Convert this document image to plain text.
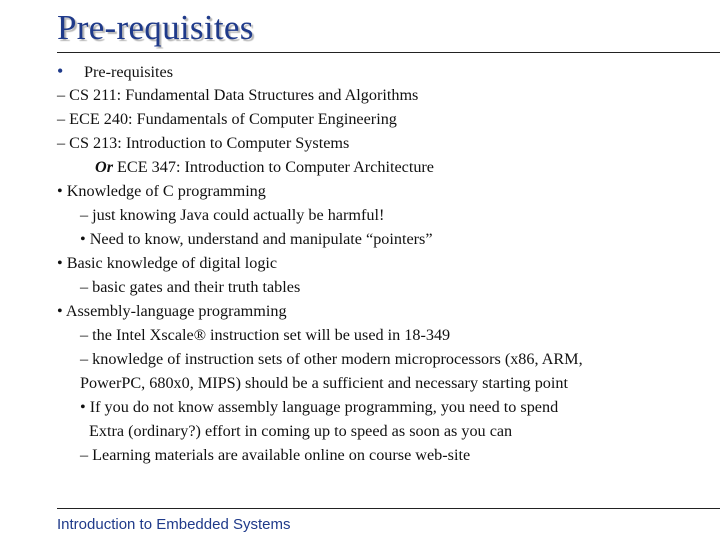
Pre-requisites
• Pre-requisites
– CS 211: Fundamental Data Structures and Algorithms
– ECE 240: Fundamentals of Computer Engineering
– CS 213: Introduction to Computer Systems
Or ECE 347: Introduction to Computer Architecture
• Knowledge of C programming
– just knowing Java could actually be harmful!
• Need to know, understand and manipulate “pointers”
• Basic knowledge of digital logic
– basic gates and their truth tables
• Assembly-language programming
– the Intel Xscale® instruction set will be used in 18-349
– knowledge of instruction sets of other modern microprocessors (x86, ARM,
PowerPC, 680x0, MIPS) should be a sufficient and necessary starting point
• If you do not know assembly language programming, you need to spend
Extra (ordinary?) effort in coming up to speed as soon as you can
– Learning materials are available online on course web-site
Introduction to Embedded Systems
